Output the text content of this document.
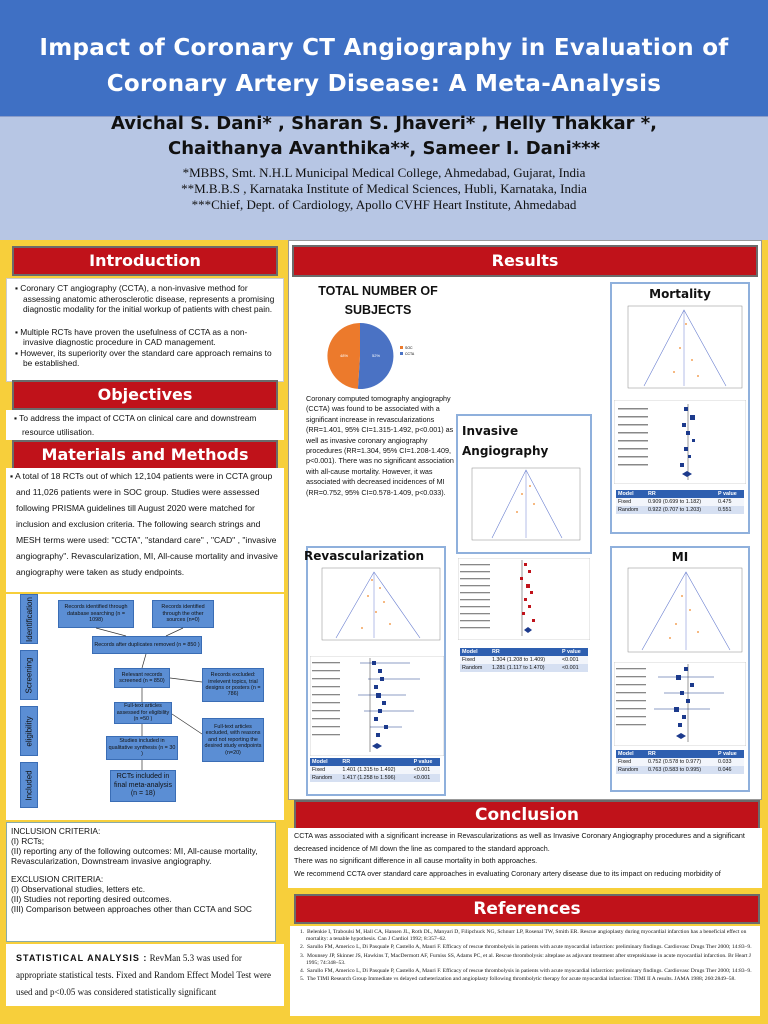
Impact of Coronary CT Angiography in Evaluation of Coronary Artery Disease: A Meta-Analysis
Avichal S. Dani* , Sharan S. Jhaveri* , Helly Thakkar *,
Chaithanya Avanthika**, Sameer I. Dani***
*MBBS, Smt. N.H.L Municipal Medical College, Ahmedabad, Gujarat, India
**M.B.B.S , Karnataka Institute of Medical Sciences, Hubli, Karnataka, India
***Chief, Dept. of Cardiology, Apollo CVHF Heart Institute, Ahmedabad
Introduction

▪ Coronary CT angiography (CCTA), a non-invasive method for assessing anatomic atherosclerotic disease, represents a promising diagnostic modality for the initial workup of patients with chest pain.

▪ Multiple RCTs have proven the usefulness of CCTA as a non-invasive diagnostic procedure in CAD management.

▪ However, its superiority over the standard care approach remains to be established.

Objectives

▪ To address the impact of CCTA on clinical care and downstream resource utilisation.

Materials and Methods
▪ A total of 18 RCTs out of which 12,104 patients were in CCTA group and 11,026 patients were in SOC group. Studies were assessed following PRISMA guidelines till August 2020 were matched for inclusion and exclusion criteria. The following search strings and MESH terms were used: "CCTA", "standard care" , "CAD" , "invasive angiography". Revascularization, MI, All-cause mortality and invasive angiography were taken as study endpoints.
Identification
Screening
eligibility
Included
Records identified through database searching (n = 1098)
Records identified through the other sources (n=0)
Records after duplicates removed (n = 850 )
Relevant records screened (n = 850)
Records excluded: irrelevent topics, trial designs or posters (n = 786)
Full-text articles assessed for eligibility (n =50 )
Full-text articles excluded, with reasons and not reporting the desired study endpoints (n=20)
Studies included in qualitative synthesis (n = 30 )
RCTs included in final meta-analysis (n = 18)
INCLUSION CRITERIA:
(I) RCTs;
(II) reporting any of the following outcomes: MI, All-cause mortality, Revascularization, Downstream invasive angiography.
EXCLUSION CRITERIA:
(I) Observational studies, letters etc.
(II) Studies not reporting desired outcomes.
(III) Comparison between approaches other than CCTA and SOC
STATISTICAL ANALYSIS : RevMan 5.3 was used for appropriate statistical tests. Fixed and Random Effect Model Test were used and p<0.05 was considered statistically significant
Results
TOTAL NUMBER OF SUBJECTS
48%	52%
SOC
CCTA
Coronary computed tomography angiography (CCTA) was found to be associated with a significant increase in revascularizations (RR=1.401, 95% CI=1.315-1.492, p<0.001) as well as invasive coronary angiography procedures (RR=1.304, 95% CI=1.208-1.409, p<0.001). There was no significant association with all-cause mortality. However, it was associated with decreased incidences of MI (RR=0.752, 95% CI=0.578-1.409, p<0.033).
Invasive Angiography
Mortality
Model	RR	P value
Fixed	0.909 (0.699 to 1.182)	0.475
Random	0.922 (0.707 to 1.203)	0.551
Revascularization
Model	RR	P value
Fixed	1.401 (1.315 to 1.492)	<0.001
Random	1.417 (1.258 to 1.596)	<0.001
Model	RR	P value
Fixed	1.304 (1.208 to 1.409)	<0.001
Random	1.281 (1.117 to 1.470)	<0.001
MI
Model	RR	P value
Fixed	0.752 (0.578 to 0.977)	0.033
Random	0.763 (0.583 to 0.995)	0.046
Conclusion
CCTA was associated with a significant increase in Revascularizations as well as Invasive Coronary Angiography procedures and a significant decreased incidence of MI down the line as compared to the standard approach.
There was no significant difference in all cause mortality in both approaches.
We recommend CCTA over standard care approaches in evaluating Coronary artery disease due to its impact on reducing morbidity of
References

1.  Belenkie I, Traboulsi M, Hall CA, Hansen JL, Roth DL, Manyari D, Filipchuck NG, Schnurr LP, Rosenal TW, Smith ER. Rescue angioplasty during myocardial infarction has a beneficial effect on mortality: a tenable hypothesis. Can J Cardiol 1992; 8:357–62.

2.  Sarullo FM, Americo L, Di Pasquale P, Castello A, Mauri F. Efficacy of rescue thrombolysis in patients with acute myocardial infarction: preliminary findings. Cardiovasc Drugs Ther 2000; 14:83–9.

3.  Mounsey JP, Skinner JS, Hawkins T, MacDermott AF, Furniss SS, Adams PC, et al. Rescue thrombolysis: alteplase as adjuvant treatment after streptokinase in acute myocardial infarction. Br Heart J 1995; 74:348–53.

4.  Sarullo FM, Americo L, Di Pasquale P, Castello A, Mauri F. Efficacy of rescue thrombolysis in patients with acute myocardial infarction: preliminary findings. Cardiovasc Drugs Ther 2000; 14:83–9.

5.  The TIMI Research Group Immediate vs delayed catheterization and angioplasty following thrombolytic therapy for acute myocardial infarction: TIMI II A results. JAMA 1988; 260:2849–58.
